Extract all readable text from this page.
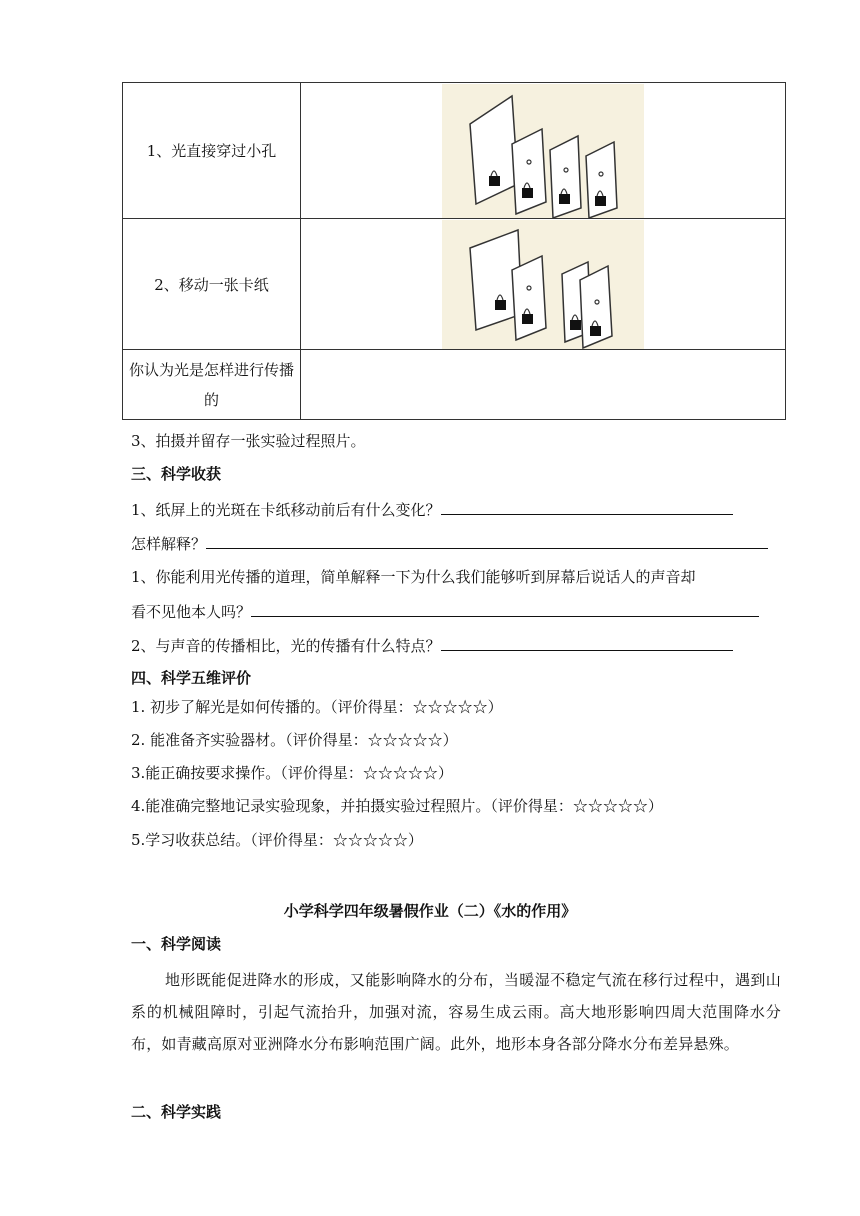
1、光直接穿过小孔	

2、移动一张卡纸	

你认为光是怎样进行传播的	
3、拍摄并留存一张实验过程照片。
三、科学收获
1、纸屏上的光斑在卡纸移动前后有什么变化？
怎样解释？
1、你能利用光传播的道理，简单解释一下为什么我们能够听到屏幕后说话人的声音却
看不见他本人吗？
2、与声音的传播相比，光的传播有什么特点？
四、科学五维评价
1. 初步了解光是如何传播的。（评价得星：☆☆☆☆☆）
2. 能准备齐实验器材。（评价得星：☆☆☆☆☆）
3.能正确按要求操作。（评价得星：☆☆☆☆☆）
4.能准确完整地记录实验现象，并拍摄实验过程照片。（评价得星：☆☆☆☆☆）
5.学习收获总结。（评价得星：☆☆☆☆☆）
小学科学四年级暑假作业（二）《水的作用》
一、科学阅读
地形既能促进降水的形成，又能影响降水的分布，当暖湿不稳定气流在移行过程中，遇到山系的机械阻障时，引起气流抬升，加强对流，容易生成云雨。高大地形影响四周大范围降水分布，如青藏高原对亚洲降水分布影响范围广阔。此外，地形本身各部分降水分布差异悬殊。
二、科学实践
